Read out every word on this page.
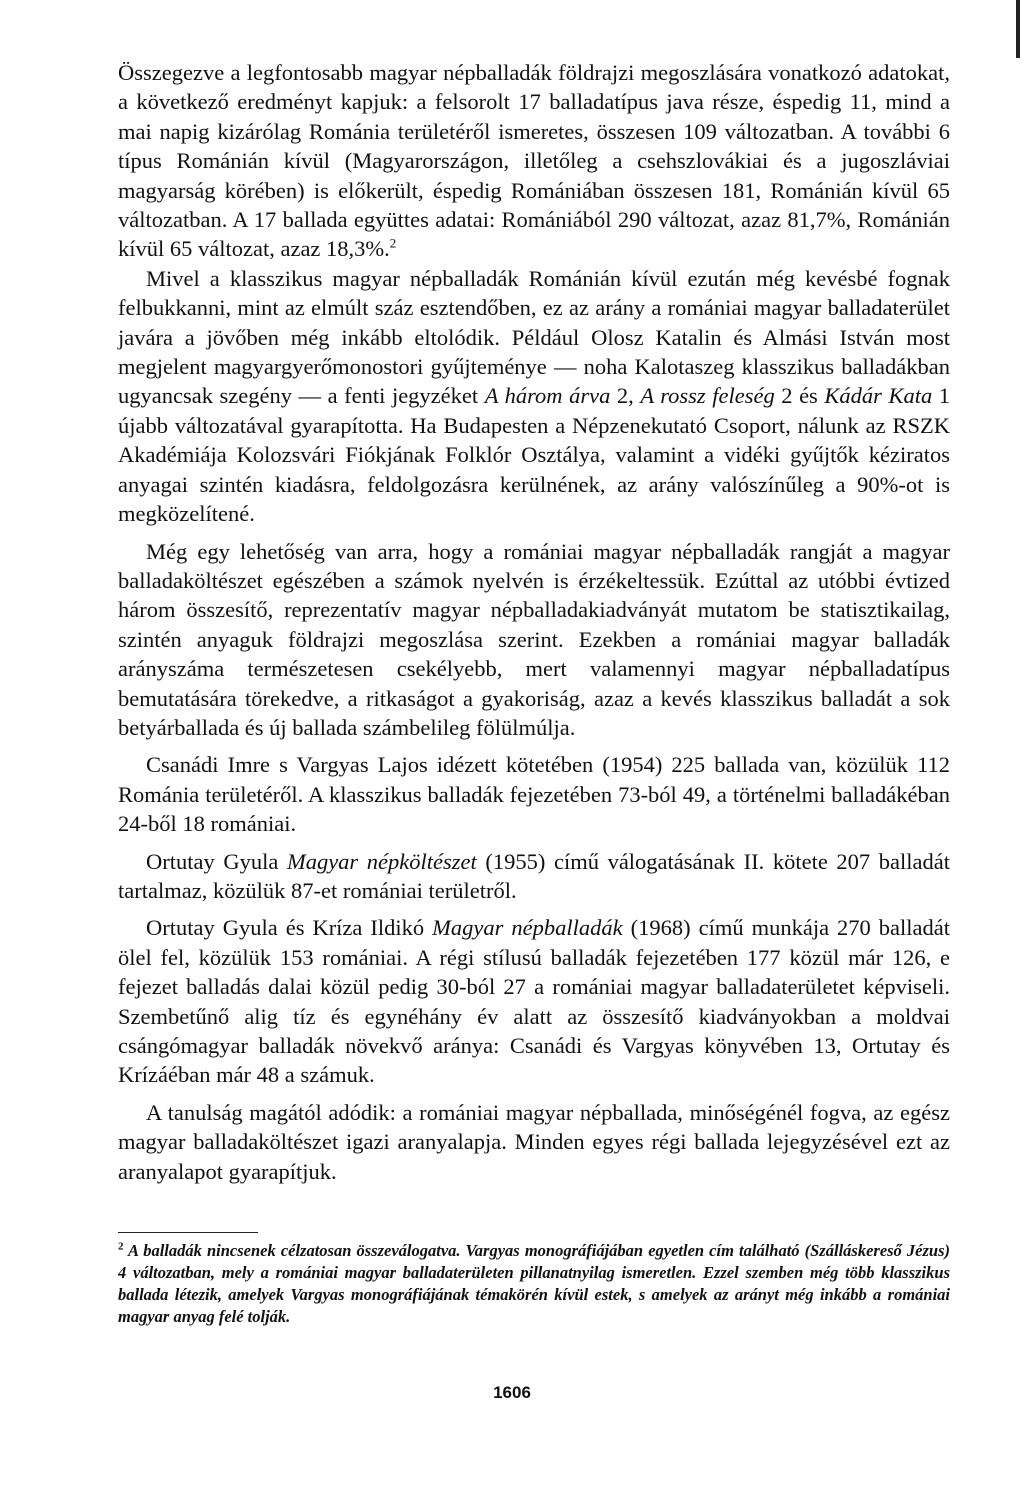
Összegezve a legfontosabb magyar népballadák földrajzi megoszlására vonatkozó adatokat, a következő eredményt kapjuk: a felsorolt 17 balladatípus java része, éspedig 11, mind a mai napig kizárólag Románia területéről ismeretes, összesen 109 változatban. A további 6 típus Románián kívül (Magyarországon, illetőleg a csehszlovákiai és a jugoszláviai magyarság körében) is előkerült, éspedig Romániában összesen 181, Románián kívül 65 változatban. A 17 ballada együttes adatai: Romániából 290 változat, azaz 81,7%, Románián kívül 65 változat, azaz 18,3%.$^2$

Mivel a klasszikus magyar népballadák Románián kívül ezután még kevésbé fognak felbukkanni, mint az elmúlt száz esztendőben, ez az arány a romániai magyar balladaterület javára a jövőben még inkább eltolódik. Például Olosz Katalin és Almási István most megjelent magyargyerőmonostori gyűjteménye — noha Kalotaszeg klasszikus balladákban ugyancsak szegény — a fenti jegyzéket A három árva 2, A rossz feleség 2 és Kádár Kata 1 újabb változatával gyarapította. Ha Budapesten a Népzenekutató Csoport, nálunk az RSZK Akadémiája Kolozsvári Fiókjának Folklór Osztálya, valamint a vidéki gyűjtők kéziratos anyagai szintén kiadásra, feldolgozásra kerülnének, az arány valószínűleg a 90%-ot is megközelítené.

Még egy lehetőség van arra, hogy a romániai magyar népballadák rangját a magyar balladaköltészet egészében a számok nyelvén is érzékeltessük. Ezúttal az utóbbi évtized három összesítő, reprezentatív magyar népballadakiadványát mutatom be statisztikailag, szintén anyaguk földrajzi megoszlása szerint. Ezekben a romániai magyar balladák arányszáma természetesen csekélyebb, mert valamennyi magyar népballadatípus bemutatására törekedve, a ritkaságot a gyakoriság, azaz a kevés klasszikus balladát a sok betyárballada és új ballada számbelileg fölülmúlja.

Csanádi Imre s Vargyas Lajos idézett kötetében (1954) 225 ballada van, közülük 112 Románia területéről. A klasszikus balladák fejezetében 73-ból 49, a történelmi balladákéban 24-ből 18 romániai.

Ortutay Gyula Magyar népköltészet (1955) című válogatásának II. kötete 207 balladát tartalmaz, közülük 87-et romániai területről.

Ortutay Gyula és Kríza Ildikó Magyar népballadák (1968) című munkája 270 balladát ölel fel, közülük 153 romániai. A régi stílusú balladák fejezetében 177 közül már 126, e fejezet balladás dalai közül pedig 30-ból 27 a romániai magyar balladaterületet képviseli. Szembetűnő alig tíz és egynéhány év alatt az összesítő kiadványokban a moldvai csángómagyar balladák növekvő aránya: Csanádi és Vargyas könyvében 13, Ortutay és Krízáéban már 48 a számuk.

A tanulság magától adódik: a romániai magyar népballada, minőségénél fogva, az egész magyar balladaköltészet igazi aranyalapja. Minden egyes régi ballada lejegyzésével ezt az aranyalapot gyarapítjuk.

$^2$ A balladák nincsenek célzatosan összeválogatva. Vargyas monográfiájában egyetlen cím található (Szálláskereső Jézus) 4 változatban, mely a romániai magyar balladaterületen pillanatnyilag ismeretlen. Ezzel szemben még több klasszikus ballada létezik, amelyek Vargyas monográfiájának témakörén kívül estek, s amelyek az arányt még inkább a romániai magyar anyag felé tolják.
1606
